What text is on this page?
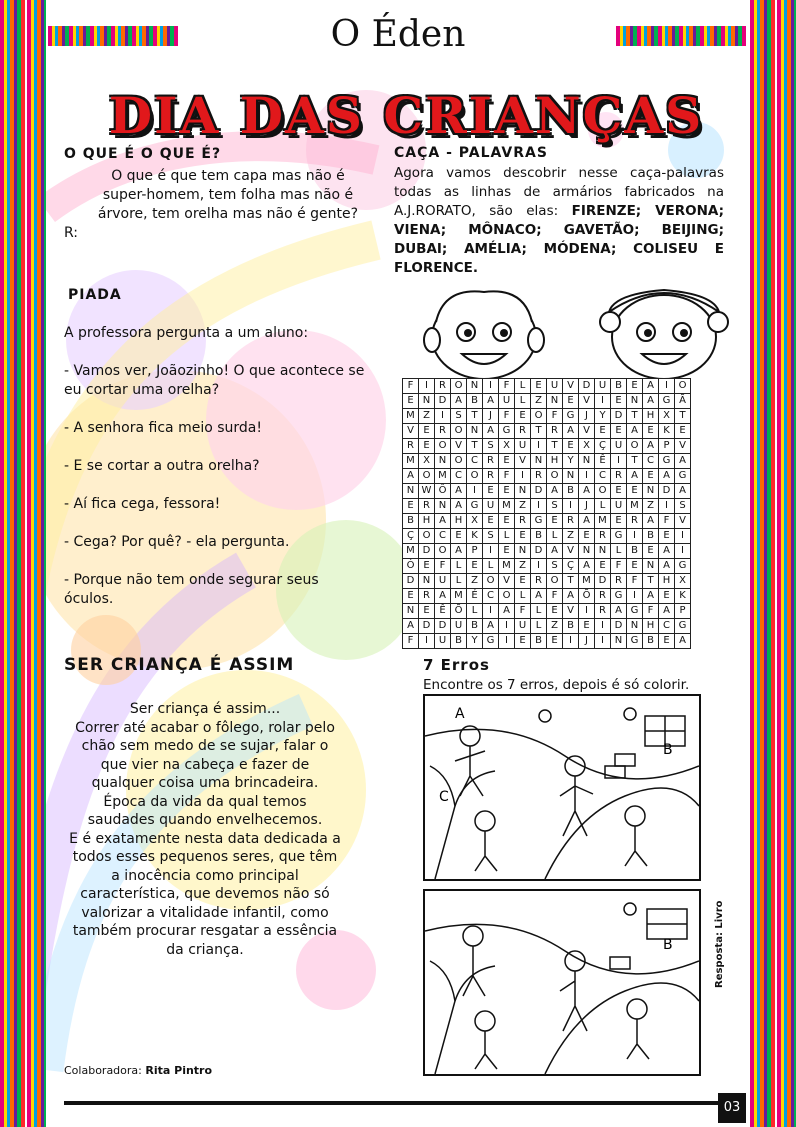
O Éden
DIA DAS CRIANÇAS
O QUE É O QUE É?
O que é que tem capa mas não é
super-homem, tem folha mas não é
árvore, tem orelha mas não é gente?
R:
PIADA
A professora pergunta a um aluno:
- Vamos ver, Joãozinho! O que acontece se eu cortar uma orelha?
- A senhora fica meio surda!
- E se cortar a outra orelha?
- Aí fica cega, fessora!
- Cega? Por quê? - ela pergunta.
- Porque não tem onde segurar seus óculos.
SER CRIANÇA É ASSIM
Ser criança é assim...
Correr até acabar o fôlego, rolar pelo
chão sem medo de se sujar, falar o
que vier na cabeça e fazer de
qualquer coisa uma brincadeira.
Época da vida da qual temos
saudades quando envelhecemos.
E é exatamente nesta data dedicada a
todos esses pequenos seres, que têm
a inocência como principal
característica, que devemos não só
valorizar a vitalidade infantil, como
também procurar resgatar a essência
da criança.
Colaboradora: Rita Pintro
CAÇA - PALAVRAS
Agora vamos descobrir nesse caça-palavras todas as linhas de armários fabricados na A.J.RORATO, são elas: FIRENZE; VERONA; VIENA; MÔNACO; GAVETÃO; BEIJING; DUBAI; AMÉLIA; MÓDENA; COLISEU E FLORENCE.
F	I	R	O	N	I	F	L	E	U	V	D	U	B	E	A	I	O
E	N	D	A	B	A	U	L	Z	N	E	V	I	E	N	A	G	Ã
M	Z	I	S	T	J	F	E	O	F	G	J	Y	D	T	H	X	T
V	E	R	O	N	A	G	R	T	R	A	V	E	E	A	E	K	E
R	E	O	V	T	S	X	U	I	T	E	X	Ç	U	O	A	P	V
M	X	N	O	C	R	E	V	N	H	Y	N	Ê	I	T	C	G	A
A	O	M	C	O	R	F	I	R	O	N	I	C	R	A	E	A	G
N	W	Ô	A	I	E	E	N	D	A	B	A	O	E	E	N	D	A
E	R	N	A	G	U	M	Z	I	S	I	J	L	U	M	Z	I	S
B	H	A	H	X	E	E	R	G	E	R	A	M	E	R	A	F	V
Ç	O	C	E	K	S	L	E	B	L	Z	E	R	G	I	B	E	I
M	D	O	A	P	I	E	N	D	A	V	N	N	L	B	E	A	I
Ó	E	F	L	E	L	M	Z	I	S	Ç	A	E	F	E	N	A	G
D	N	U	L	Z	O	V	E	R	O	T	M	D	R	F	T	H	X
E	R	A	M	É	C	O	L	A	F	A	Õ	R	G	I	A	E	K
N	E	Ê	Õ	L	I	A	F	L	E	V	I	R	A	G	F	A	P
A	D	D	U	B	A	I	U	L	Z	B	E	I	D	N	H	C	G
F	I	U	B	Y	G	I	E	B	E	I	J	I	N	G	B	E	A
7 Erros
Encontre os 7 erros, depois é só colorir.
A
B
C
B	Resposta: Livro
03
